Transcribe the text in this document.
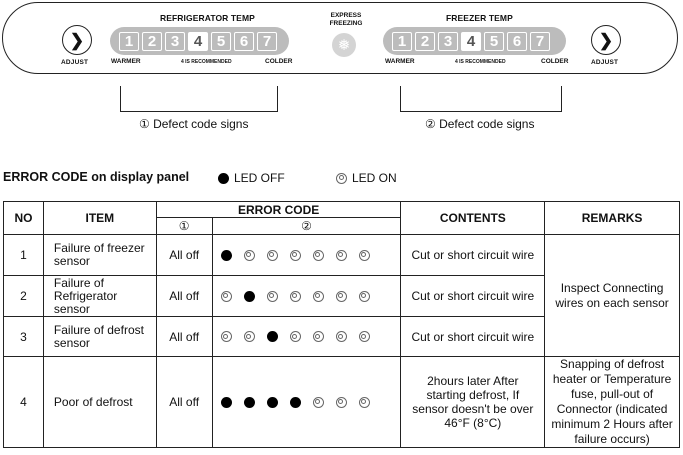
❯
ADJUST
REFRIGERATOR TEMP
1 2 3 4 5 6 7
WARMER	4 IS RECOMMENDED	COLDER
EXPRESS
FREEZING
❅
FREEZER TEMP
1 2 3 4 5 6 7
WARMER	4 IS RECOMMENDED	COLDER
❯
ADJUST
① Defect code signs	② Defect code signs
ERROR CODE on display panel	LED OFF	LED ON
NO	ITEM	ERROR CODE		CONTENTS	REMARKS
		①	②		
1	Failure of freezer sensor	All off		Cut or short circuit wire	Inspect Connecting wires on each sensor
2	Failure of Refrigerator sensor	All off		Cut or short circuit wire	
3	Failure of defrost sensor	All off		Cut or short circuit wire	
4	Poor of defrost	All off		2hours later After starting defrost, If sensor doesn't be over 46°F (8°C)	Snapping of defrost heater or Temperature fuse, pull-out of Connector (indicated minimum 2 Hours after failure occurs)
